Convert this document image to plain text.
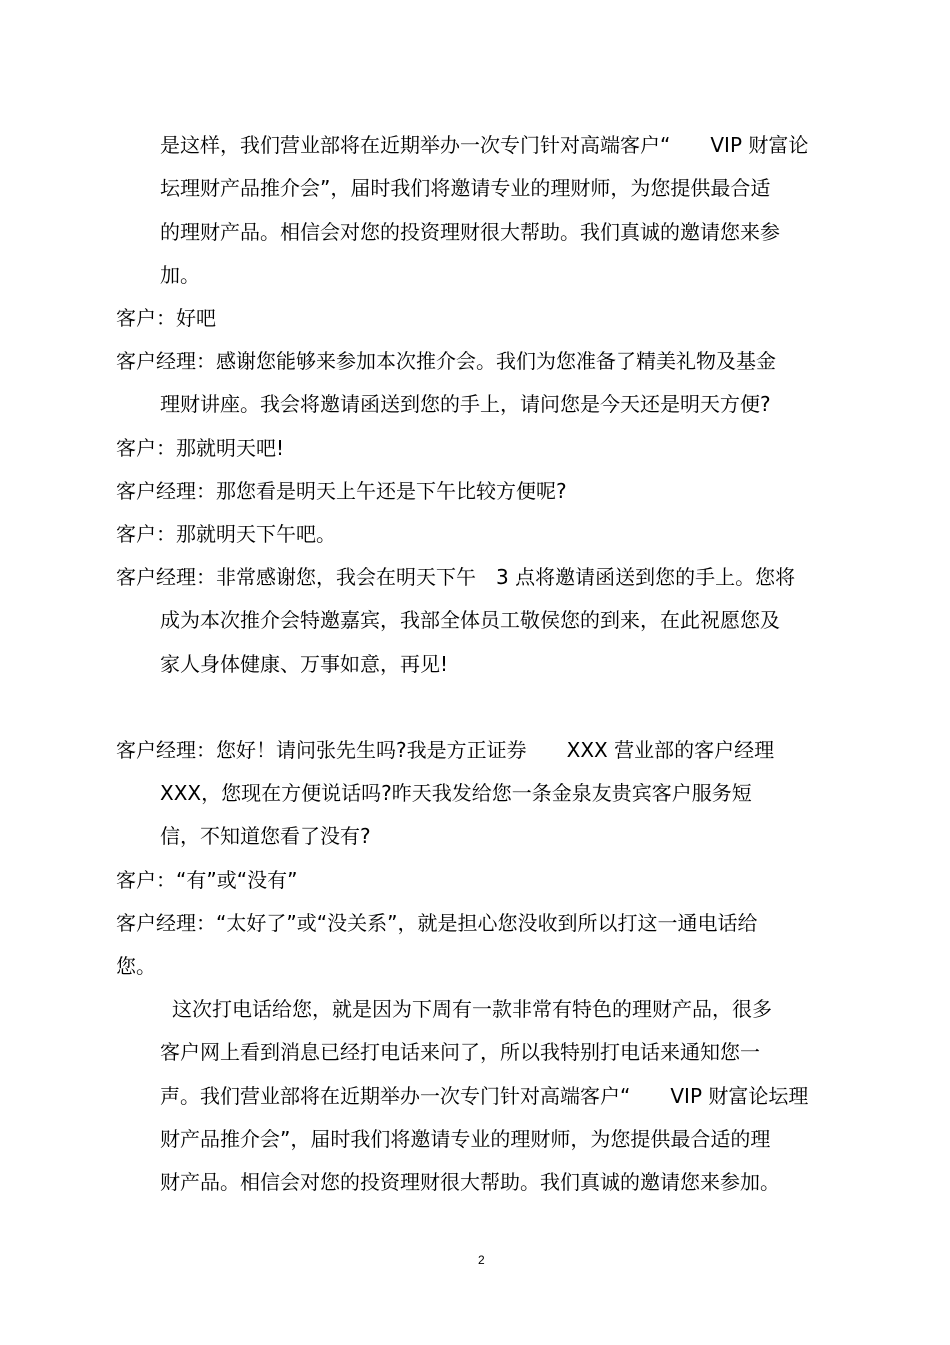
是这样，我们营业部将在近期举办一次专门针对高端客户“　　VIP 财富论
坛理财产品推介会”，届时我们将邀请专业的理财师，为您提供最合适
的理财产品。相信会对您的投资理财很大帮助。我们真诚的邀请您来参
加。
客户：好吧
客户经理：感谢您能够来参加本次推介会。我们为您准备了精美礼物及基金
理财讲座。我会将邀请函送到您的手上，请问您是今天还是明天方便?
客户：那就明天吧!
客户经理：那您看是明天上午还是下午比较方便呢?
客户：那就明天下午吧。
客户经理：非常感谢您，我会在明天下午　3 点将邀请函送到您的手上。您将
成为本次推介会特邀嘉宾，我部全体员工敬侯您的到来，在此祝愿您及
家人身体健康、万事如意，再见!
客户经理：您好！请问张先生吗?我是方正证券　　XXX 营业部的客户经理
XXX，您现在方便说话吗?昨天我发给您一条金泉友贵宾客户服务短
信，不知道您看了没有?
客户：“有”或“没有”
客户经理：“太好了”或“没关系”，就是担心您没收到所以打这一通电话给
您。
这次打电话给您，就是因为下周有一款非常有特色的理财产品，很多
客户网上看到消息已经打电话来问了，所以我特别打电话来通知您一
声。我们营业部将在近期举办一次专门针对高端客户“　　VIP 财富论坛理
财产品推介会”，届时我们将邀请专业的理财师，为您提供最合适的理
财产品。相信会对您的投资理财很大帮助。我们真诚的邀请您来参加。
2
